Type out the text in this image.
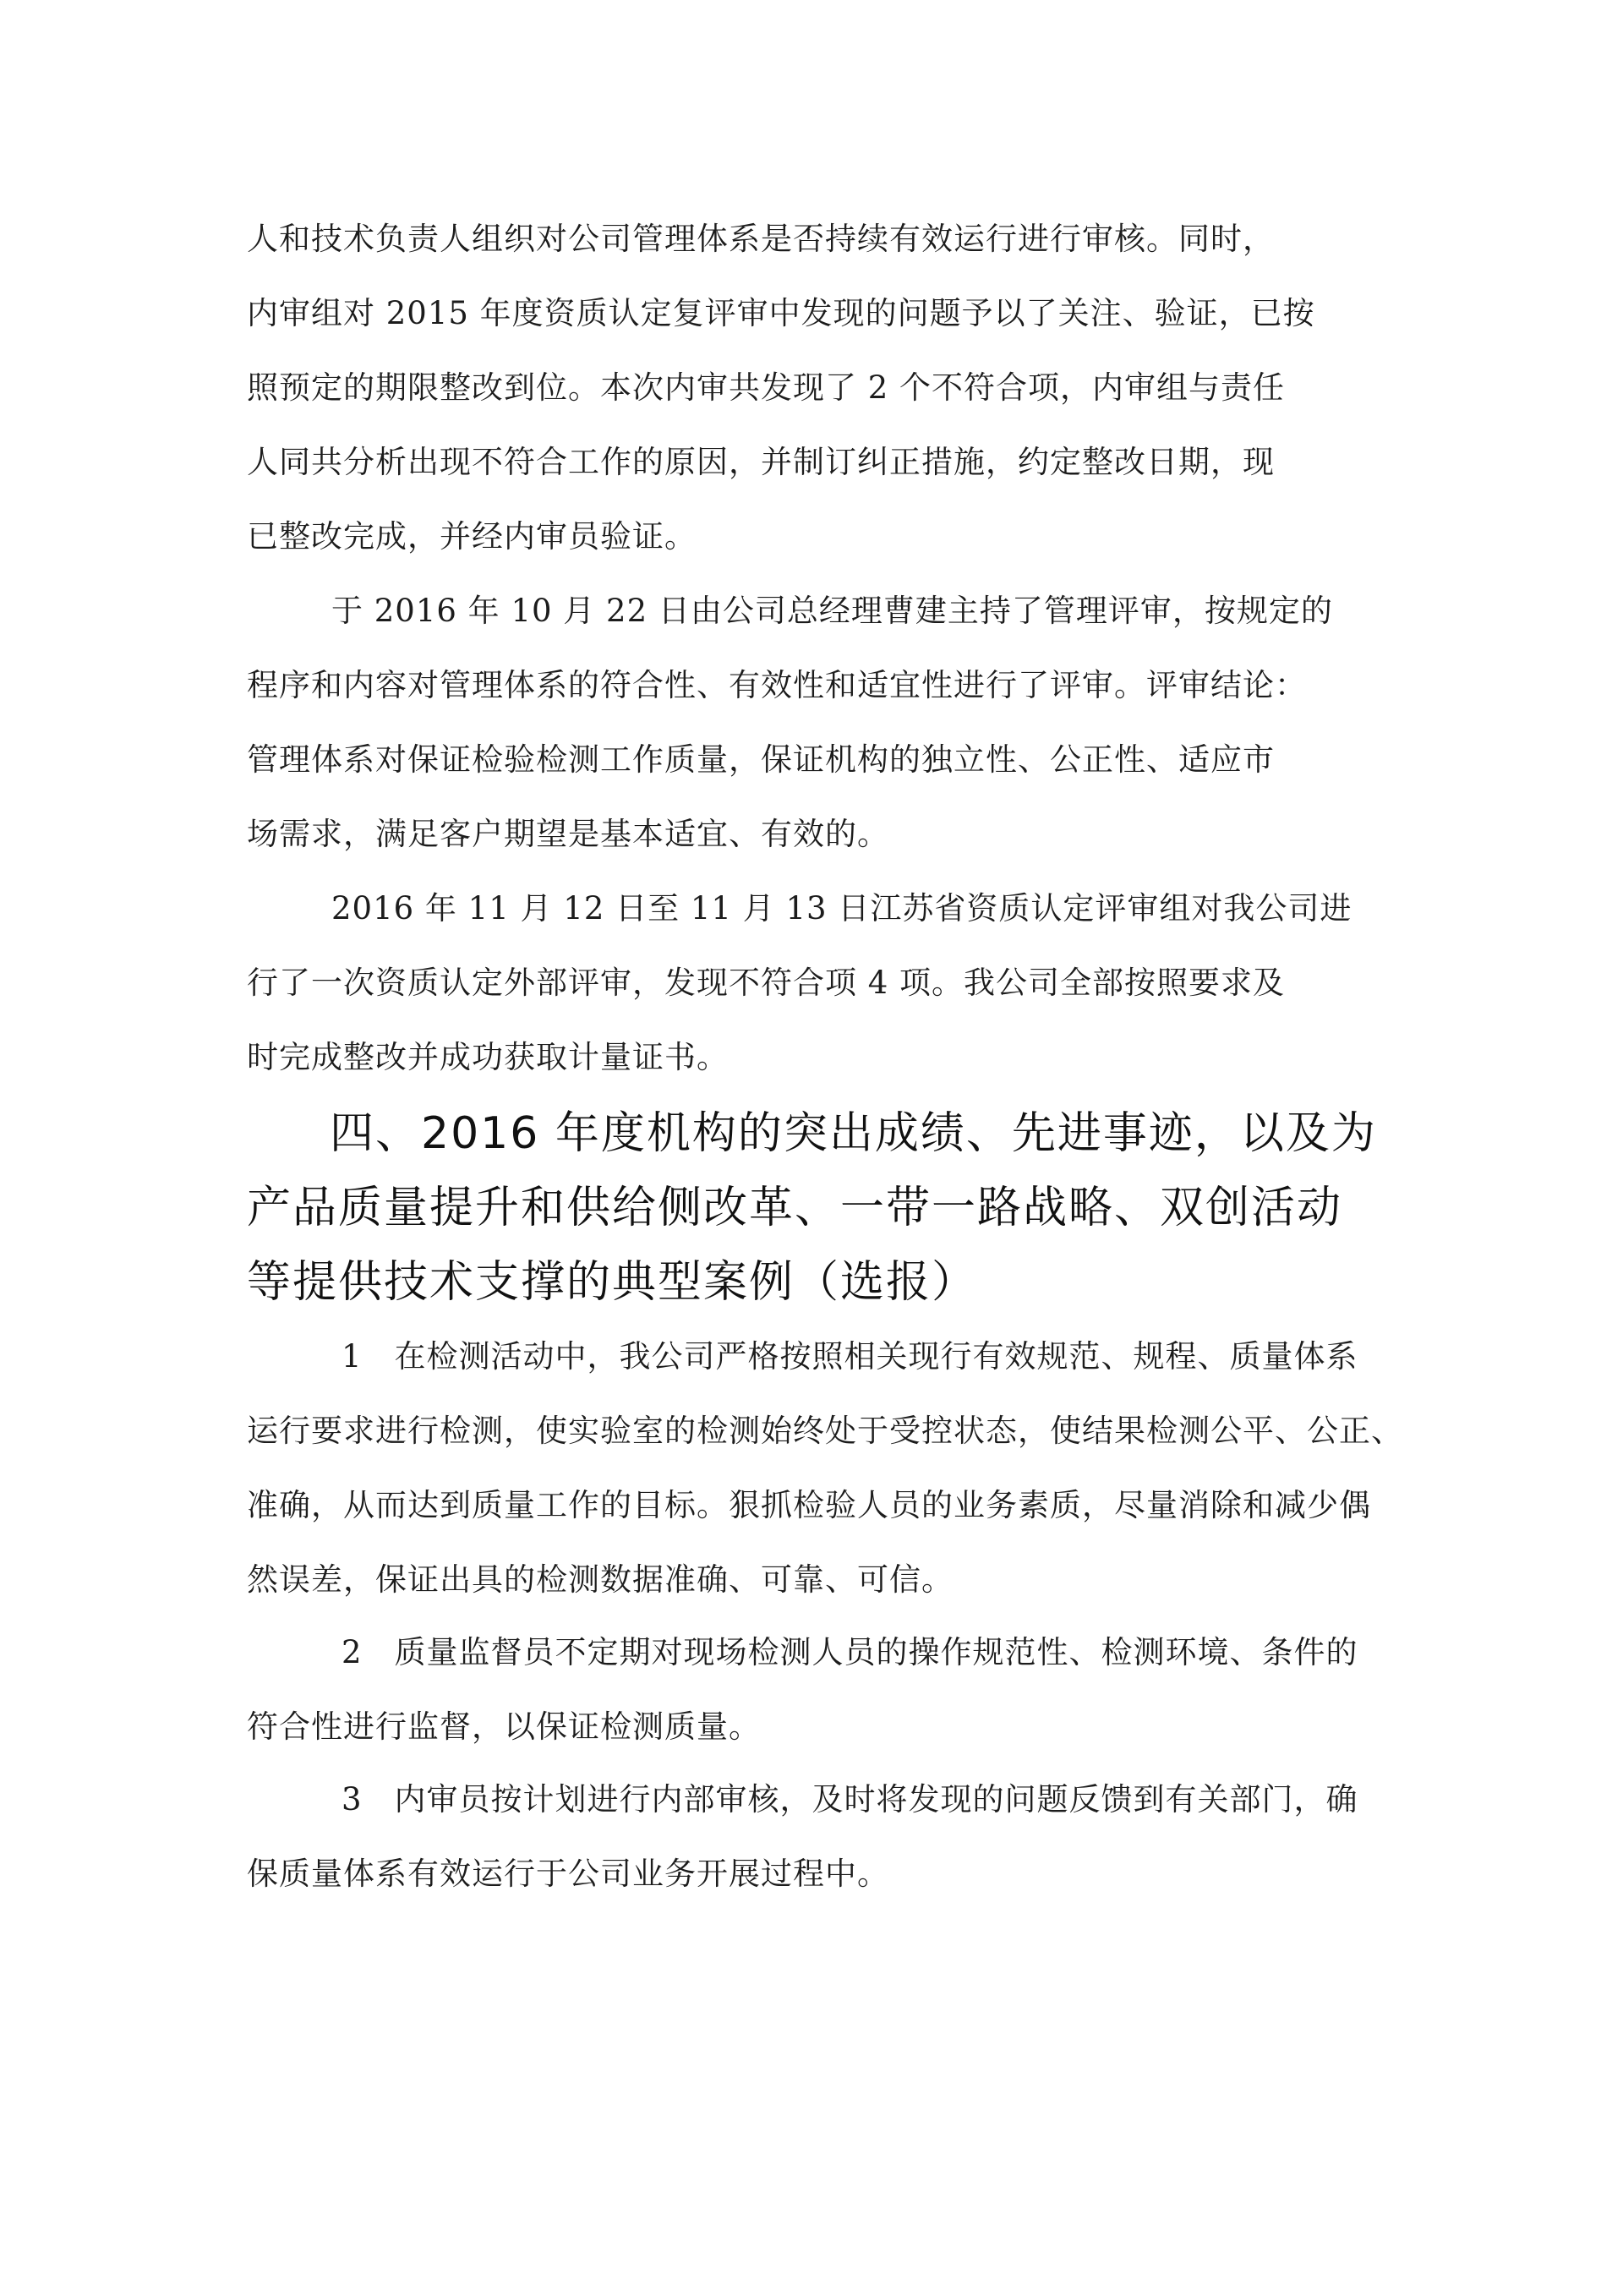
人和技术负责人组织对公司管理体系是否持续有效运行进行审核。同时，
内审组对 2015 年度资质认定复评审中发现的问题予以了关注、验证，已按
照预定的期限整改到位。本次内审共发现了 2 个不符合项，内审组与责任
人同共分析出现不符合工作的原因，并制订纠正措施，约定整改日期，现
已整改完成，并经内审员验证。
于 2016 年 10 月 22 日由公司总经理曹建主持了管理评审，按规定的
程序和内容对管理体系的符合性、有效性和适宜性进行了评审。评审结论：
管理体系对保证检验检测工作质量，保证机构的独立性、公正性、适应市
场需求，满足客户期望是基本适宜、有效的。
2016 年 11 月 12 日至 11 月 13 日江苏省资质认定评审组对我公司进
行了一次资质认定外部评审，发现不符合项 4 项。我公司全部按照要求及
时完成整改并成功获取计量证书。
四、2016 年度机构的突出成绩、先进事迹，以及为
产品质量提升和供给侧改革、一带一路战略、双创活动
等提供技术支撑的典型案例（选报）
1　在检测活动中，我公司严格按照相关现行有效规范、规程、质量体系
运行要求进行检测，使实验室的检测始终处于受控状态，使结果检测公平、公正、
准确，从而达到质量工作的目标。狠抓检验人员的业务素质，尽量消除和减少偶
然误差，保证出具的检测数据准确、可靠、可信。
2　质量监督员不定期对现场检测人员的操作规范性、检测环境、条件的
符合性进行监督，以保证检测质量。
3　内审员按计划进行内部审核，及时将发现的问题反馈到有关部门，确
保质量体系有效运行于公司业务开展过程中。
